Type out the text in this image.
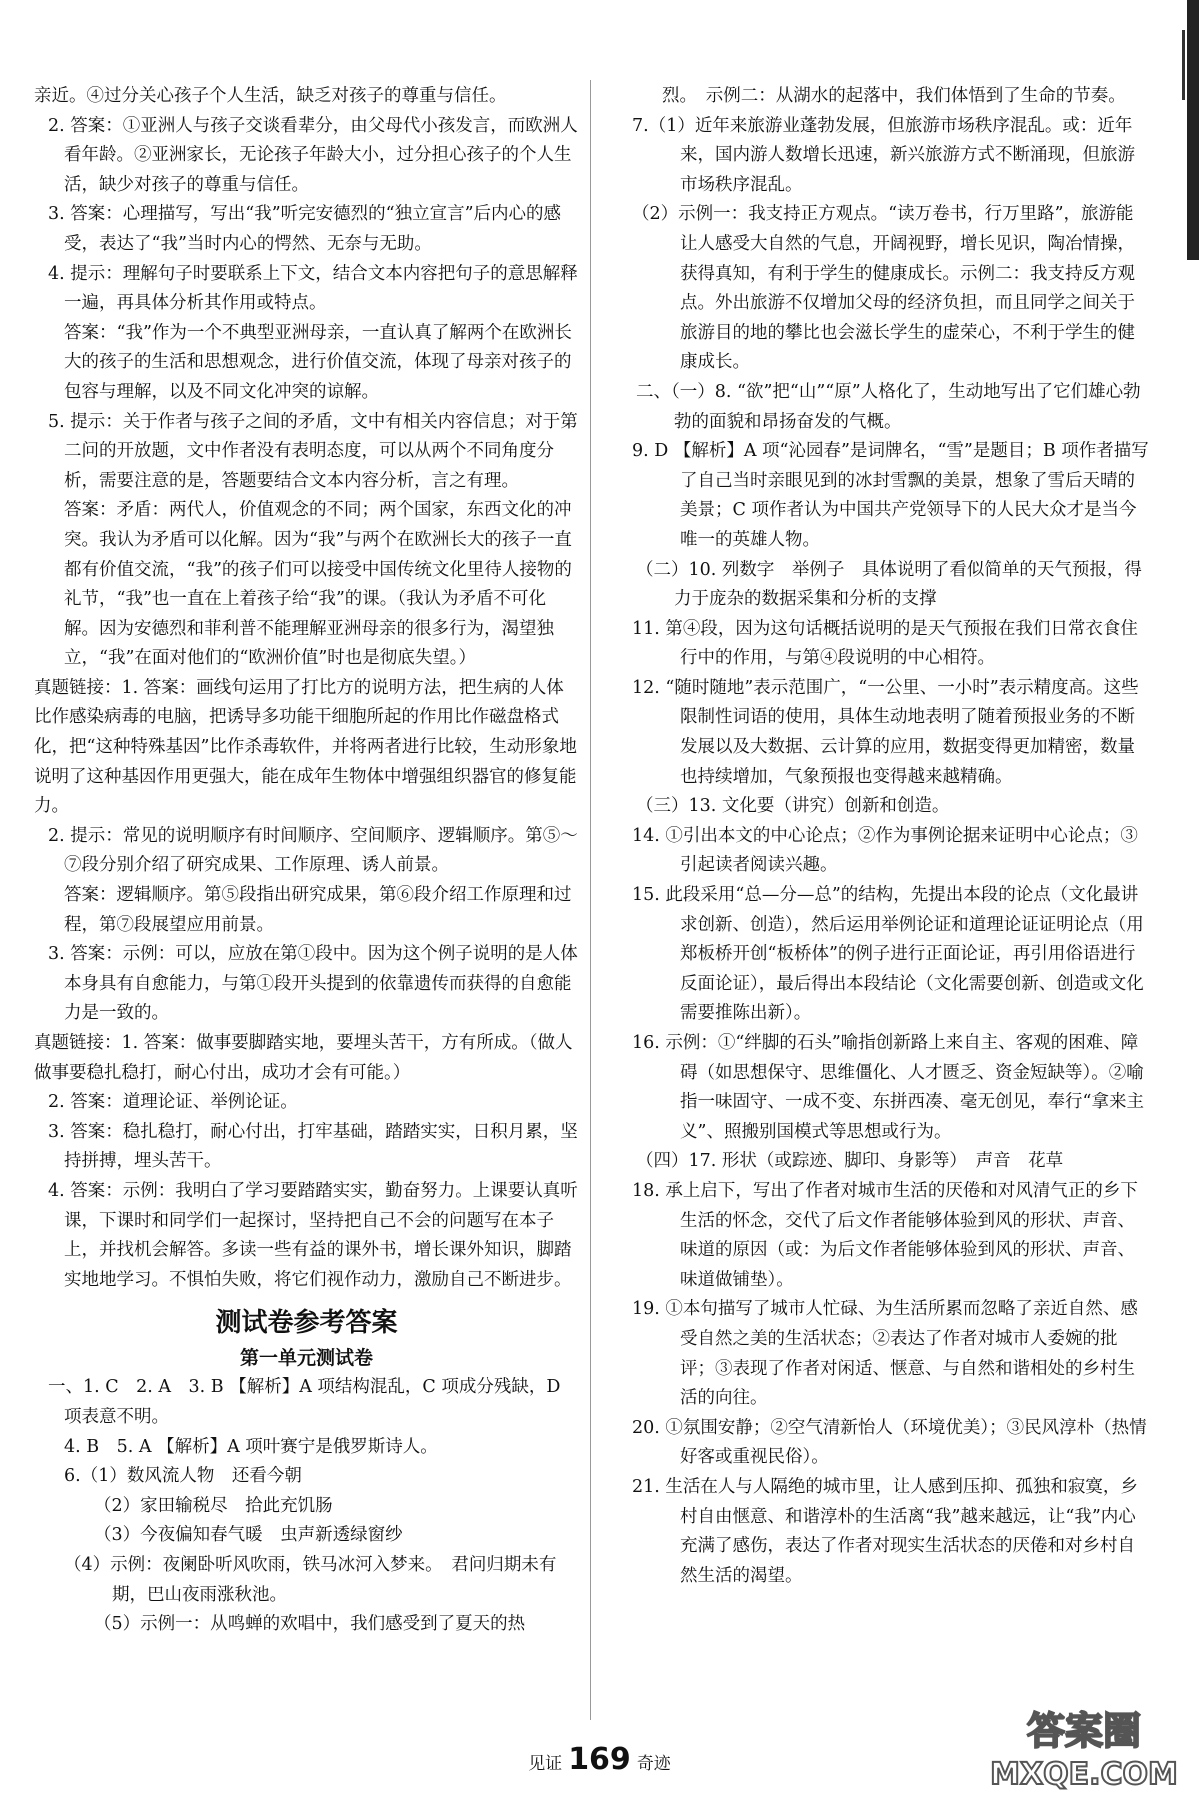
亲近。④过分关心孩子个人生活，缺乏对孩子的尊重与信任。

2. 答案：①亚洲人与孩子交谈看辈分，由父母代小孩发言，而欧洲人看年龄。②亚洲家长，无论孩子年龄大小，过分担心孩子的个人生活，缺少对孩子的尊重与信任。

3. 答案：心理描写，写出“我”听完安德烈的“独立宣言”后内心的感受，表达了“我”当时内心的愕然、无奈与无助。

4. 提示：理解句子时要联系上下文，结合文本内容把句子的意思解释一遍，再具体分析其作用或特点。

答案：“我”作为一个不典型亚洲母亲，一直认真了解两个在欧洲长大的孩子的生活和思想观念，进行价值交流，体现了母亲对孩子的包容与理解，以及不同文化冲突的谅解。

5. 提示：关于作者与孩子之间的矛盾，文中有相关内容信息；对于第二问的开放题，文中作者没有表明态度，可以从两个不同角度分析，需要注意的是，答题要结合文本内容分析，言之有理。

答案：矛盾：两代人，价值观念的不同；两个国家，东西文化的冲突。我认为矛盾可以化解。因为“我”与两个在欧洲长大的孩子一直都有价值交流，“我”的孩子们可以接受中国传统文化里待人接物的礼节，“我”也一直在上着孩子给“我”的课。（我认为矛盾不可化解。因为安德烈和菲利普不能理解亚洲母亲的很多行为，渴望独立，“我”在面对他们的“欧洲价值”时也是彻底失望。）

真题链接：1. 答案：画线句运用了打比方的说明方法，把生病的人体比作感染病毒的电脑，把诱导多功能干细胞所起的作用比作磁盘格式化，把“这种特殊基因”比作杀毒软件，并将两者进行比较，生动形象地说明了这种基因作用更强大，能在成年生物体中增强组织器官的修复能力。

2. 提示：常见的说明顺序有时间顺序、空间顺序、逻辑顺序。第⑤～⑦段分别介绍了研究成果、工作原理、诱人前景。

答案：逻辑顺序。第⑤段指出研究成果，第⑥段介绍工作原理和过程，第⑦段展望应用前景。

3. 答案：示例：可以，应放在第①段中。因为这个例子说明的是人体本身具有自愈能力，与第①段开头提到的依靠遗传而获得的自愈能力是一致的。

真题链接：1. 答案：做事要脚踏实地，要埋头苦干，方有所成。（做人做事要稳扎稳打，耐心付出，成功才会有可能。）

2. 答案：道理论证、举例论证。

3. 答案：稳扎稳打，耐心付出，打牢基础，踏踏实实，日积月累，坚持拼搏，埋头苦干。

4. 答案：示例：我明白了学习要踏踏实实，勤奋努力。上课要认真听课，下课时和同学们一起探讨，坚持把自己不会的问题写在本子上，并找机会解答。多读一些有益的课外书，增长课外知识，脚踏实地地学习。不惧怕失败，将它们视作动力，激励自己不断进步。

测试卷参考答案

第一单元测试卷

一、1. C　2. A　3. B 【解析】A 项结构混乱，C 项成分残缺，D 项表意不明。

4. B　5. A 【解析】A 项叶赛宁是俄罗斯诗人。

6.（1）数风流人物　还看今朝

（2）家田输税尽　拾此充饥肠

（3）今夜偏知春气暖　虫声新透绿窗纱

（4）示例：夜阑卧听风吹雨，铁马冰河入梦来。　君问归期未有期，巴山夜雨涨秋池。

（5）示例一：从鸣蝉的欢唱中，我们感受到了夏天的热

烈。　示例二：从湖水的起落中，我们体悟到了生命的节奏。

7.（1）近年来旅游业蓬勃发展，但旅游市场秩序混乱。或：近年来，国内游人数增长迅速，新兴旅游方式不断涌现，但旅游市场秩序混乱。

（2）示例一：我支持正方观点。“读万卷书，行万里路”，旅游能让人感受大自然的气息，开阔视野，增长见识，陶冶情操，获得真知，有利于学生的健康成长。示例二：我支持反方观点。外出旅游不仅增加父母的经济负担，而且同学之间关于旅游目的地的攀比也会滋长学生的虚荣心，不利于学生的健康成长。

二、（一）8. “欲”把“山”“原”人格化了，生动地写出了它们雄心勃勃的面貌和昂扬奋发的气概。

9. D 【解析】A 项“沁园春”是词牌名，“雪”是题目；B 项作者描写了自己当时亲眼见到的冰封雪飘的美景，想象了雪后天晴的美景；C 项作者认为中国共产党领导下的人民大众才是当今唯一的英雄人物。

（二）10. 列数字　举例子　具体说明了看似简单的天气预报，得力于庞杂的数据采集和分析的支撑

11. 第④段，因为这句话概括说明的是天气预报在我们日常衣食住行中的作用，与第④段说明的中心相符。

12. “随时随地”表示范围广，“一公里、一小时”表示精度高。这些限制性词语的使用，具体生动地表明了随着预报业务的不断发展以及大数据、云计算的应用，数据变得更加精密，数量也持续增加，气象预报也变得越来越精确。

（三）13. 文化要（讲究）创新和创造。

14. ①引出本文的中心论点；②作为事例论据来证明中心论点；③引起读者阅读兴趣。

15. 此段采用“总—分—总”的结构，先提出本段的论点（文化最讲求创新、创造），然后运用举例论证和道理论证证明论点（用郑板桥开创“板桥体”的例子进行正面论证，再引用俗语进行反面论证），最后得出本段结论（文化需要创新、创造或文化需要推陈出新）。

16. 示例：①“绊脚的石头”喻指创新路上来自主、客观的困难、障碍（如思想保守、思维僵化、人才匮乏、资金短缺等）。②喻指一味固守、一成不变、东拼西凑、毫无创见，奉行“拿来主义”、照搬别国模式等思想或行为。

（四）17. 形状（或踪迹、脚印、身影等）　声音　花草

18. 承上启下，写出了作者对城市生活的厌倦和对风清气正的乡下生活的怀念，交代了后文作者能够体验到风的形状、声音、味道的原因（或：为后文作者能够体验到风的形状、声音、味道做铺垫）。

19. ①本句描写了城市人忙碌、为生活所累而忽略了亲近自然、感受自然之美的生活状态；②表达了作者对城市人委婉的批评；③表现了作者对闲适、惬意、与自然和谐相处的乡村生活的向往。

20. ①氛围安静；②空气清新怡人（环境优美）；③民风淳朴（热情好客或重视民俗）。

21. 生活在人与人隔绝的城市里，让人感到压抑、孤独和寂寞，乡村自由惬意、和谐淳朴的生活离“我”越来越远，让“我”内心充满了感伤，表达了作者对现实生活状态的厌倦和对乡村自然生活的渴望。

见证 169 奇迹
答案圈
MXQE.COM
